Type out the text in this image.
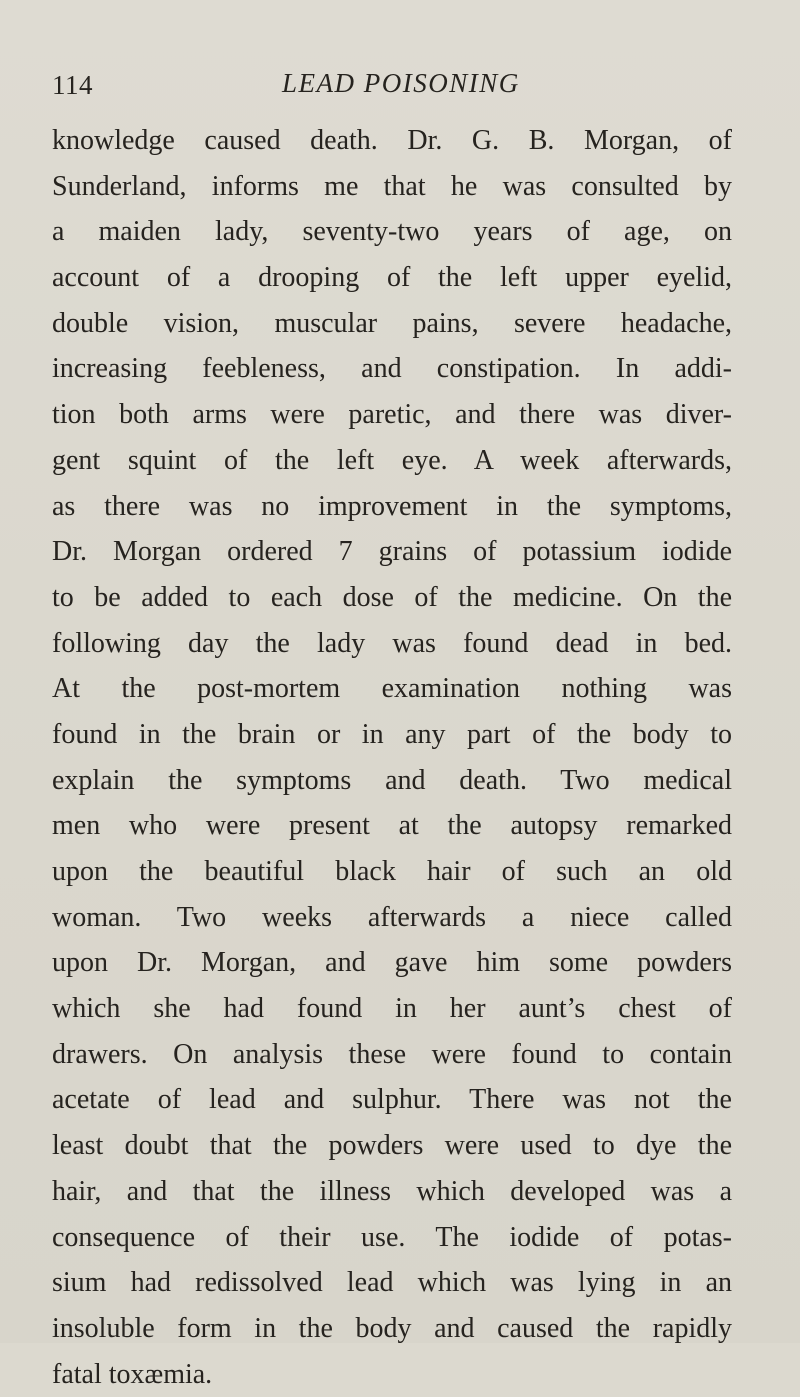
114	LEAD POISONING
knowledge caused death. Dr. G. B. Morgan, of
Sunderland, informs me that he was consulted by
a maiden lady, seventy-two years of age, on
account of a drooping of the left upper eyelid,
double vision, muscular pains, severe headache,
increasing feebleness, and constipation. In addi-
tion both arms were paretic, and there was diver-
gent squint of the left eye. A week afterwards,
as there was no improvement in the symptoms,
Dr. Morgan ordered 7 grains of potassium iodide
to be added to each dose of the medicine. On the
following day the lady was found dead in bed.
At the post-mortem examination nothing was
found in the brain or in any part of the body to
explain the symptoms and death. Two medical
men who were present at the autopsy remarked
upon the beautiful black hair of such an old
woman. Two weeks afterwards a niece called
upon Dr. Morgan, and gave him some powders
which she had found in her aunt’s chest of
drawers. On analysis these were found to contain
acetate of lead and sulphur. There was not the
least doubt that the powders were used to dye the
hair, and that the illness which developed was a
consequence of their use. The iodide of potas-
sium had redissolved lead which was lying in an
insoluble form in the body and caused the rapidly
fatal toxæmia.
